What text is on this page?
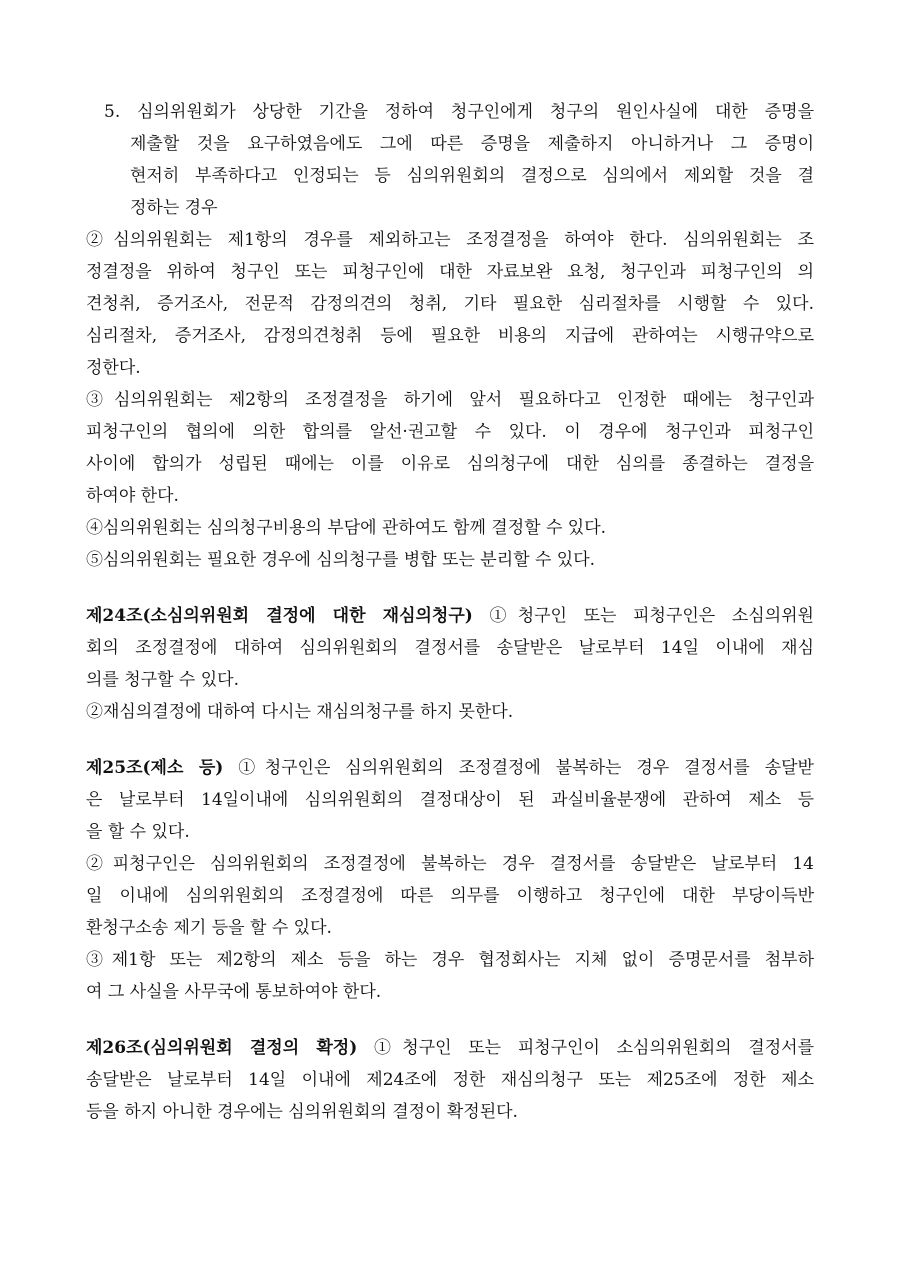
5. 심의위원회가 상당한 기간을 정하여 청구인에게 청구의 원인사실에 대한 증명을
제출할 것을 요구하였음에도 그에 따른 증명을 제출하지 아니하거나 그 증명이
현저히 부족하다고 인정되는 등 심의위원회의 결정으로 심의에서 제외할 것을 결
정하는 경우
②심의위원회는 제1항의 경우를 제외하고는 조정결정을 하여야 한다. 심의위원회는 조
정결정을 위하여 청구인 또는 피청구인에 대한 자료보완 요청, 청구인과 피청구인의 의
견청취, 증거조사, 전문적 감정의견의 청취, 기타 필요한 심리절차를 시행할 수 있다.
심리절차, 증거조사, 감정의견청취 등에 필요한 비용의 지급에 관하여는 시행규약으로
정한다.
③심의위원회는 제2항의 조정결정을 하기에 앞서 필요하다고 인정한 때에는 청구인과
피청구인의 협의에 의한 합의를 알선·권고할 수 있다. 이 경우에 청구인과 피청구인
사이에 합의가 성립된 때에는 이를 이유로 심의청구에 대한 심의를 종결하는 결정을
하여야 한다.
④심의위원회는 심의청구비용의 부담에 관하여도 함께 결정할 수 있다.
⑤심의위원회는 필요한 경우에 심의청구를 병합 또는 분리할 수 있다.
제24조(소심의위원회 결정에 대한 재심의청구) ①청구인 또는 피청구인은 소심의위원
회의 조정결정에 대하여 심의위원회의 결정서를 송달받은 날로부터 14일 이내에 재심
의를 청구할 수 있다.
②재심의결정에 대하여 다시는 재심의청구를 하지 못한다.
제25조(제소 등) ①청구인은 심의위원회의 조정결정에 불복하는 경우 결정서를 송달받
은 날로부터 14일이내에 심의위원회의 결정대상이 된 과실비율분쟁에 관하여 제소 등
을 할 수 있다.
②피청구인은 심의위원회의 조정결정에 불복하는 경우 결정서를 송달받은 날로부터 14
일 이내에 심의위원회의 조정결정에 따른 의무를 이행하고 청구인에 대한 부당이득반
환청구소송 제기 등을 할 수 있다.
③제1항 또는 제2항의 제소 등을 하는 경우 협정회사는 지체 없이 증명문서를 첨부하
여 그 사실을 사무국에 통보하여야 한다.
제26조(심의위원회 결정의 확정) ①청구인 또는 피청구인이 소심의위원회의 결정서를
송달받은 날로부터 14일 이내에 제24조에 정한 재심의청구 또는 제25조에 정한 제소
등을 하지 아니한 경우에는 심의위원회의 결정이 확정된다.
